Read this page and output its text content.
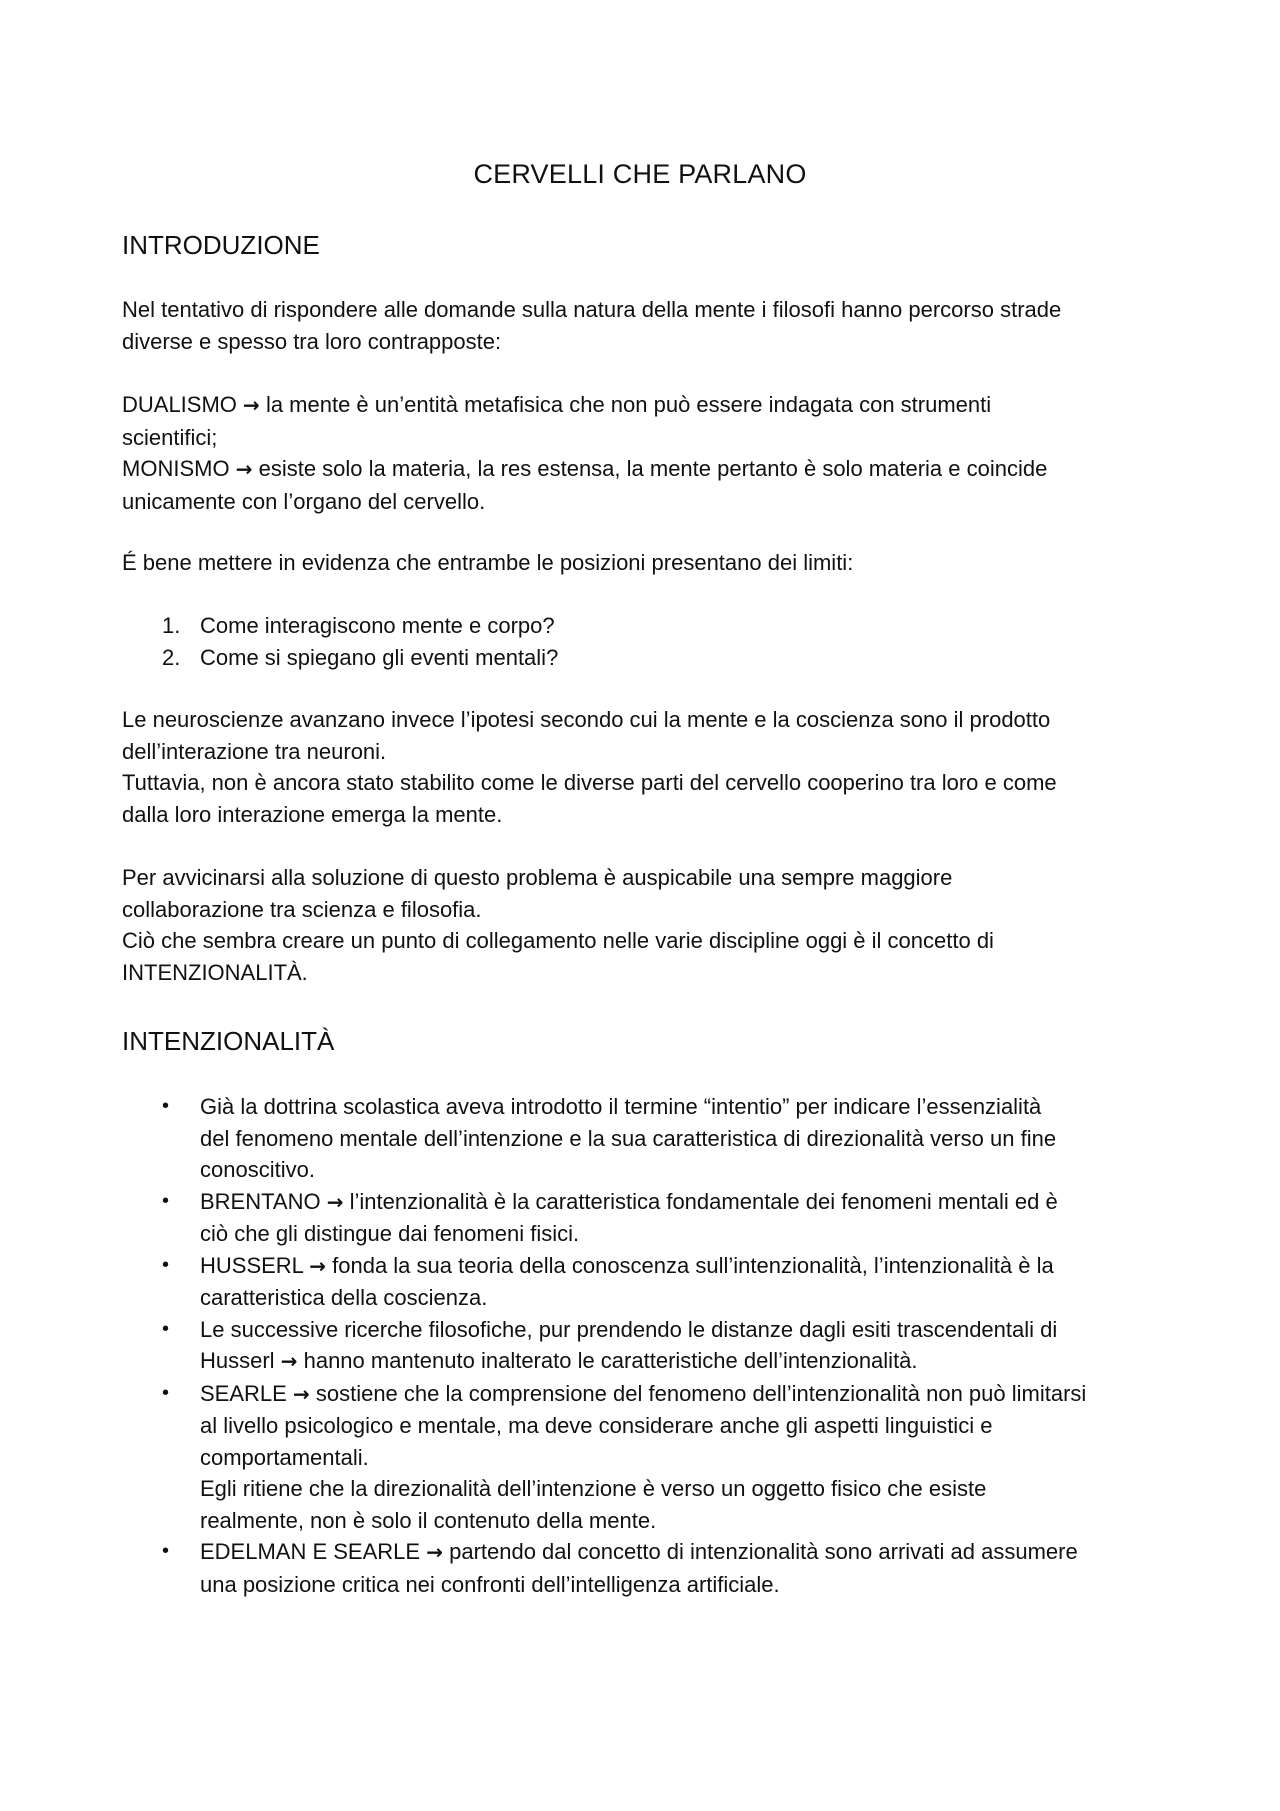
CERVELLI CHE PARLANO
INTRODUZIONE

Nel tentativo di rispondere alle domande sulla natura della mente i filosofi hanno percorso strade

diverse e spesso tra loro contrapposte:

DUALISMO → la mente è un’entità metafisica che non può essere indagata con strumenti

scientifici;

MONISMO → esiste solo la materia, la res estensa, la mente pertanto è solo materia e coincide

unicamente con l’organo del cervello.

É bene mettere in evidenza che entrambe le posizioni presentano dei limiti:

1. Come interagiscono mente e corpo?
2. Come si spiegano gli eventi mentali?

Le neuroscienze avanzano invece l’ipotesi secondo cui la mente e la coscienza sono il prodotto

dell’interazione tra neuroni.

Tuttavia, non è ancora stato stabilito come le diverse parti del cervello cooperino tra loro e come

dalla loro interazione emerga la mente.

Per avvicinarsi alla soluzione di questo problema è auspicabile una sempre maggiore

collaborazione tra scienza e filosofia.

Ciò che sembra creare un punto di collegamento nelle varie discipline oggi è il concetto di

INTENZIONALITÀ.

INTENZIONALITÀ
• Già la dottrina scolastica aveva introdotto il termine “intentio” per indicare l’essenzialità
del fenomeno mentale dell’intenzione e la sua caratteristica di direzionalità verso un fine
conoscitivo.
• BRENTANO → l’intenzionalità è la caratteristica fondamentale dei fenomeni mentali ed è
ciò che gli distingue dai fenomeni fisici.
• HUSSERL → fonda la sua teoria della conoscenza sull’intenzionalità, l’intenzionalità è la
caratteristica della coscienza.
• Le successive ricerche filosofiche, pur prendendo le distanze dagli esiti trascendentali di
Husserl → hanno mantenuto inalterato le caratteristiche dell’intenzionalità.
• SEARLE → sostiene che la comprensione del fenomeno dell’intenzionalità non può limitarsi
al livello psicologico e mentale, ma deve considerare anche gli aspetti linguistici e
comportamentali.
Egli ritiene che la direzionalità dell’intenzione è verso un oggetto fisico che esiste
realmente, non è solo il contenuto della mente.
• EDELMAN E SEARLE → partendo dal concetto di intenzionalità sono arrivati ad assumere
una posizione critica nei confronti dell’intelligenza artificiale.
